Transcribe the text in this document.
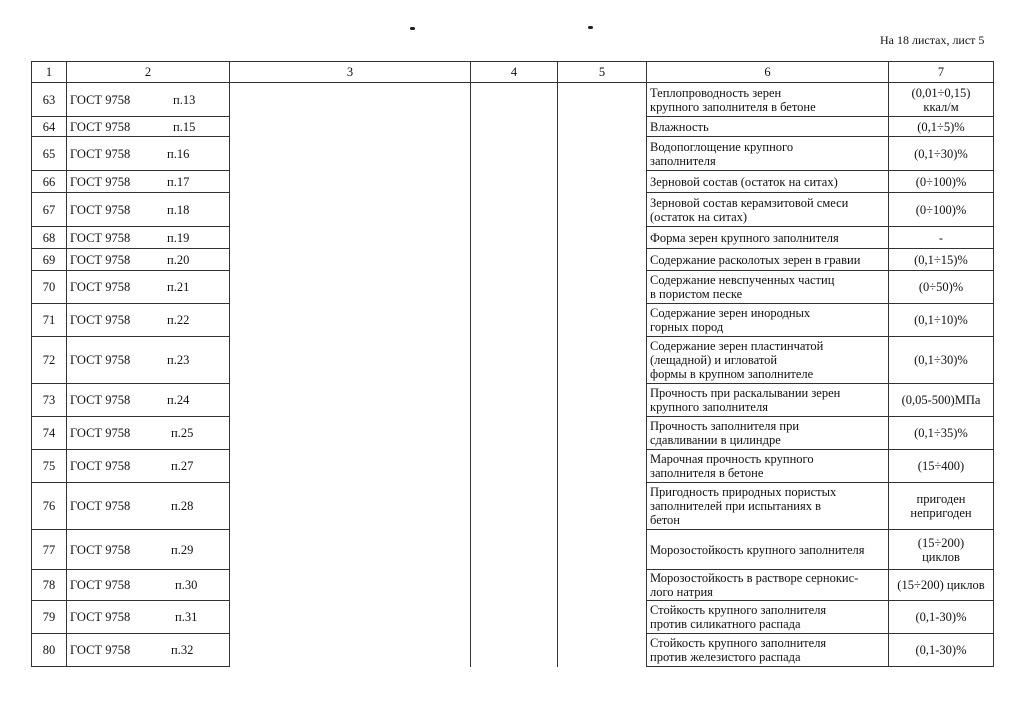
На 18 листах, лист 5
1	2	3	4	5	6	7
63	ГОСТ 9758 п.13				Теплопроводность зерен
крупного заполнителя в бетоне	(0,01÷0,15)
ккал/м
64	ГОСТ 9758 п.15				Влажность	(0,1÷5)%
65	ГОСТ 9758 п.16				Водопоглощение крупного
заполнителя	(0,1÷30)%
66	ГОСТ 9758 п.17				Зерновой состав (остаток на ситах)	(0÷100)%
67	ГОСТ 9758 п.18				Зерновой состав керамзитовой смеси
(остаток на ситах)	(0÷100)%
68	ГОСТ 9758 п.19				Форма зерен крупного заполнителя	-
69	ГОСТ 9758 п.20				Содержание расколотых зерен в гравии	(0,1÷15)%
70	ГОСТ 9758 п.21				Содержание невспученных частиц
в пористом песке	(0÷50)%
71	ГОСТ 9758 п.22				Содержание зерен инородных
горных пород	(0,1÷10)%
72	ГОСТ 9758 п.23				Содержание зерен пластинчатой
(лещадной) и игловатой
формы в крупном заполнителе	(0,1÷30)%
73	ГОСТ 9758 п.24				Прочность при раскалывании зерен
крупного заполнителя	(0,05-500)МПа
74	ГОСТ 9758 п.25				Прочность заполнителя при
сдавливании в цилиндре	(0,1÷35)%
75	ГОСТ 9758 п.27				Марочная прочность крупного
заполнителя в бетоне	(15÷400)
76	ГОСТ 9758 п.28				Пригодность природных пористых
заполнителей при испытаниях в
бетон	пригоден
непригоден
77	ГОСТ 9758 п.29				Морозостойкость крупного заполнителя	(15÷200)
циклов
78	ГОСТ 9758 п.30				Морозостойкость в растворе сернокис-
лого натрия	(15÷200) циклов
79	ГОСТ 9758 п.31				Стойкость крупного заполнителя
против силикатного распада	(0,1-30)%
80	ГОСТ 9758 п.32				Стойкость крупного заполнителя
против железистого распада	(0,1-30)%
